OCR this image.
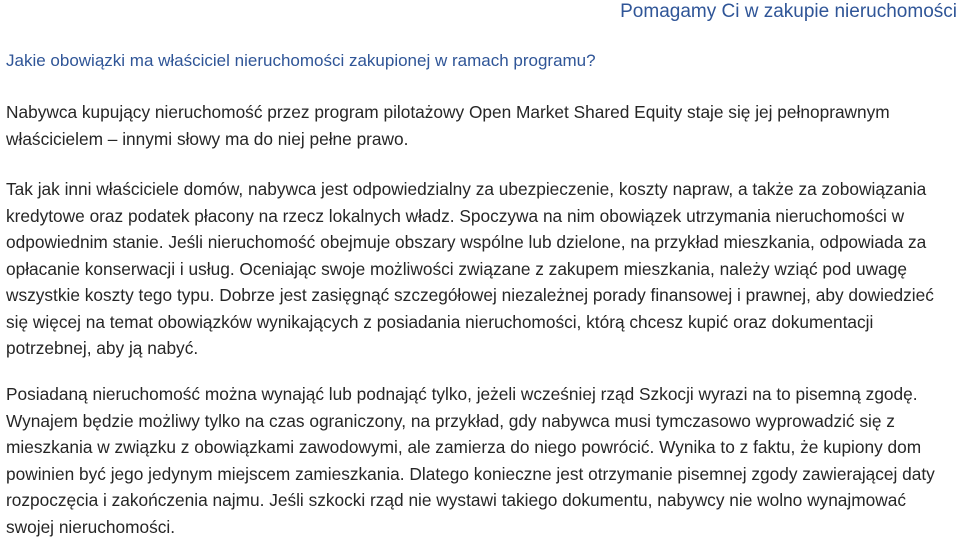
Pomagamy Ci w zakupie nieruchomości
Jakie obowiązki ma właściciel nieruchomości zakupionej w ramach programu?
Nabywca kupujący nieruchomość przez program pilotażowy Open Market Shared Equity staje się jej pełnoprawnym właścicielem – innymi słowy ma do niej pełne prawo.
Tak jak inni właściciele domów, nabywca jest odpowiedzialny za ubezpieczenie, koszty napraw, a także za zobowiązania kredytowe oraz podatek płacony na rzecz lokalnych władz. Spoczywa na nim obowiązek utrzymania nieruchomości w odpowiednim stanie. Jeśli nieruchomość obejmuje obszary wspólne lub dzielone, na przykład mieszkania, odpowiada za opłacanie konserwacji i usług. Oceniając swoje możliwości związane z zakupem mieszkania, należy wziąć pod uwagę wszystkie koszty tego typu. Dobrze jest zasięgnąć szczegółowej niezależnej porady finansowej i prawnej, aby dowiedzieć się więcej na temat obowiązków wynikających z posiadania nieruchomości, którą chcesz kupić oraz dokumentacji potrzebnej, aby ją nabyć.
Posiadaną nieruchomość można wynająć lub podnająć tylko, jeżeli wcześniej rząd Szkocji wyrazi na to pisemną zgodę. Wynajem będzie możliwy tylko na czas ograniczony, na przykład, gdy nabywca musi tymczasowo wyprowadzić się z mieszkania w związku z obowiązkami zawodowymi, ale zamierza do niego powrócić. Wynika to z faktu, że kupiony dom powinien być jego jedynym miejscem zamieszkania. Dlatego konieczne jest otrzymanie pisemnej zgody zawierającej daty rozpoczęcia i zakończenia najmu. Jeśli szkocki rząd nie wystawi takiego dokumentu, nabywcy nie wolno wynajmować swojej nieruchomości.
